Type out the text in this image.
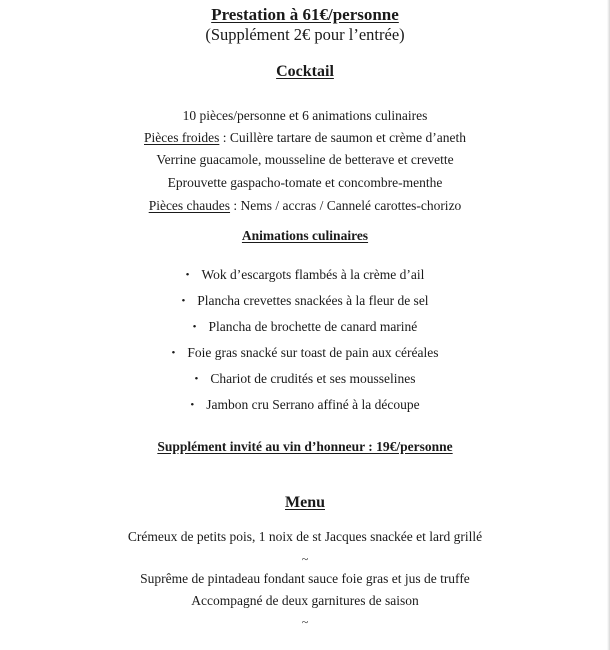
Prestation à 61€/personne
(Supplément 2€ pour l’entrée)
Cocktail
10 pièces/personne et 6 animations culinaires
Pièces froides : Cuillère tartare de saumon et crème d’aneth
Verrine guacamole, mousseline de betterave et crevette
Eprouvette gaspacho-tomate et concombre-menthe
Pièces chaudes : Nems / accras / Cannelé carottes-chorizo
Animations culinaires
• Wok d’escargots flambés à la crème d’ail
• Plancha crevettes snackées à la fleur de sel
• Plancha de brochette de canard mariné
• Foie gras snacké sur toast de pain aux céréales
• Chariot de crudités et ses mousselines
• Jambon cru Serrano affiné à la découpe
Supplément invité au vin d’honneur : 19€/personne
Menu
Crémeux de petits pois, 1 noix de st Jacques snackée et lard grillé
~
Suprême de pintadeau fondant sauce foie gras et jus de truffe
Accompagné de deux garnitures de saison
~
